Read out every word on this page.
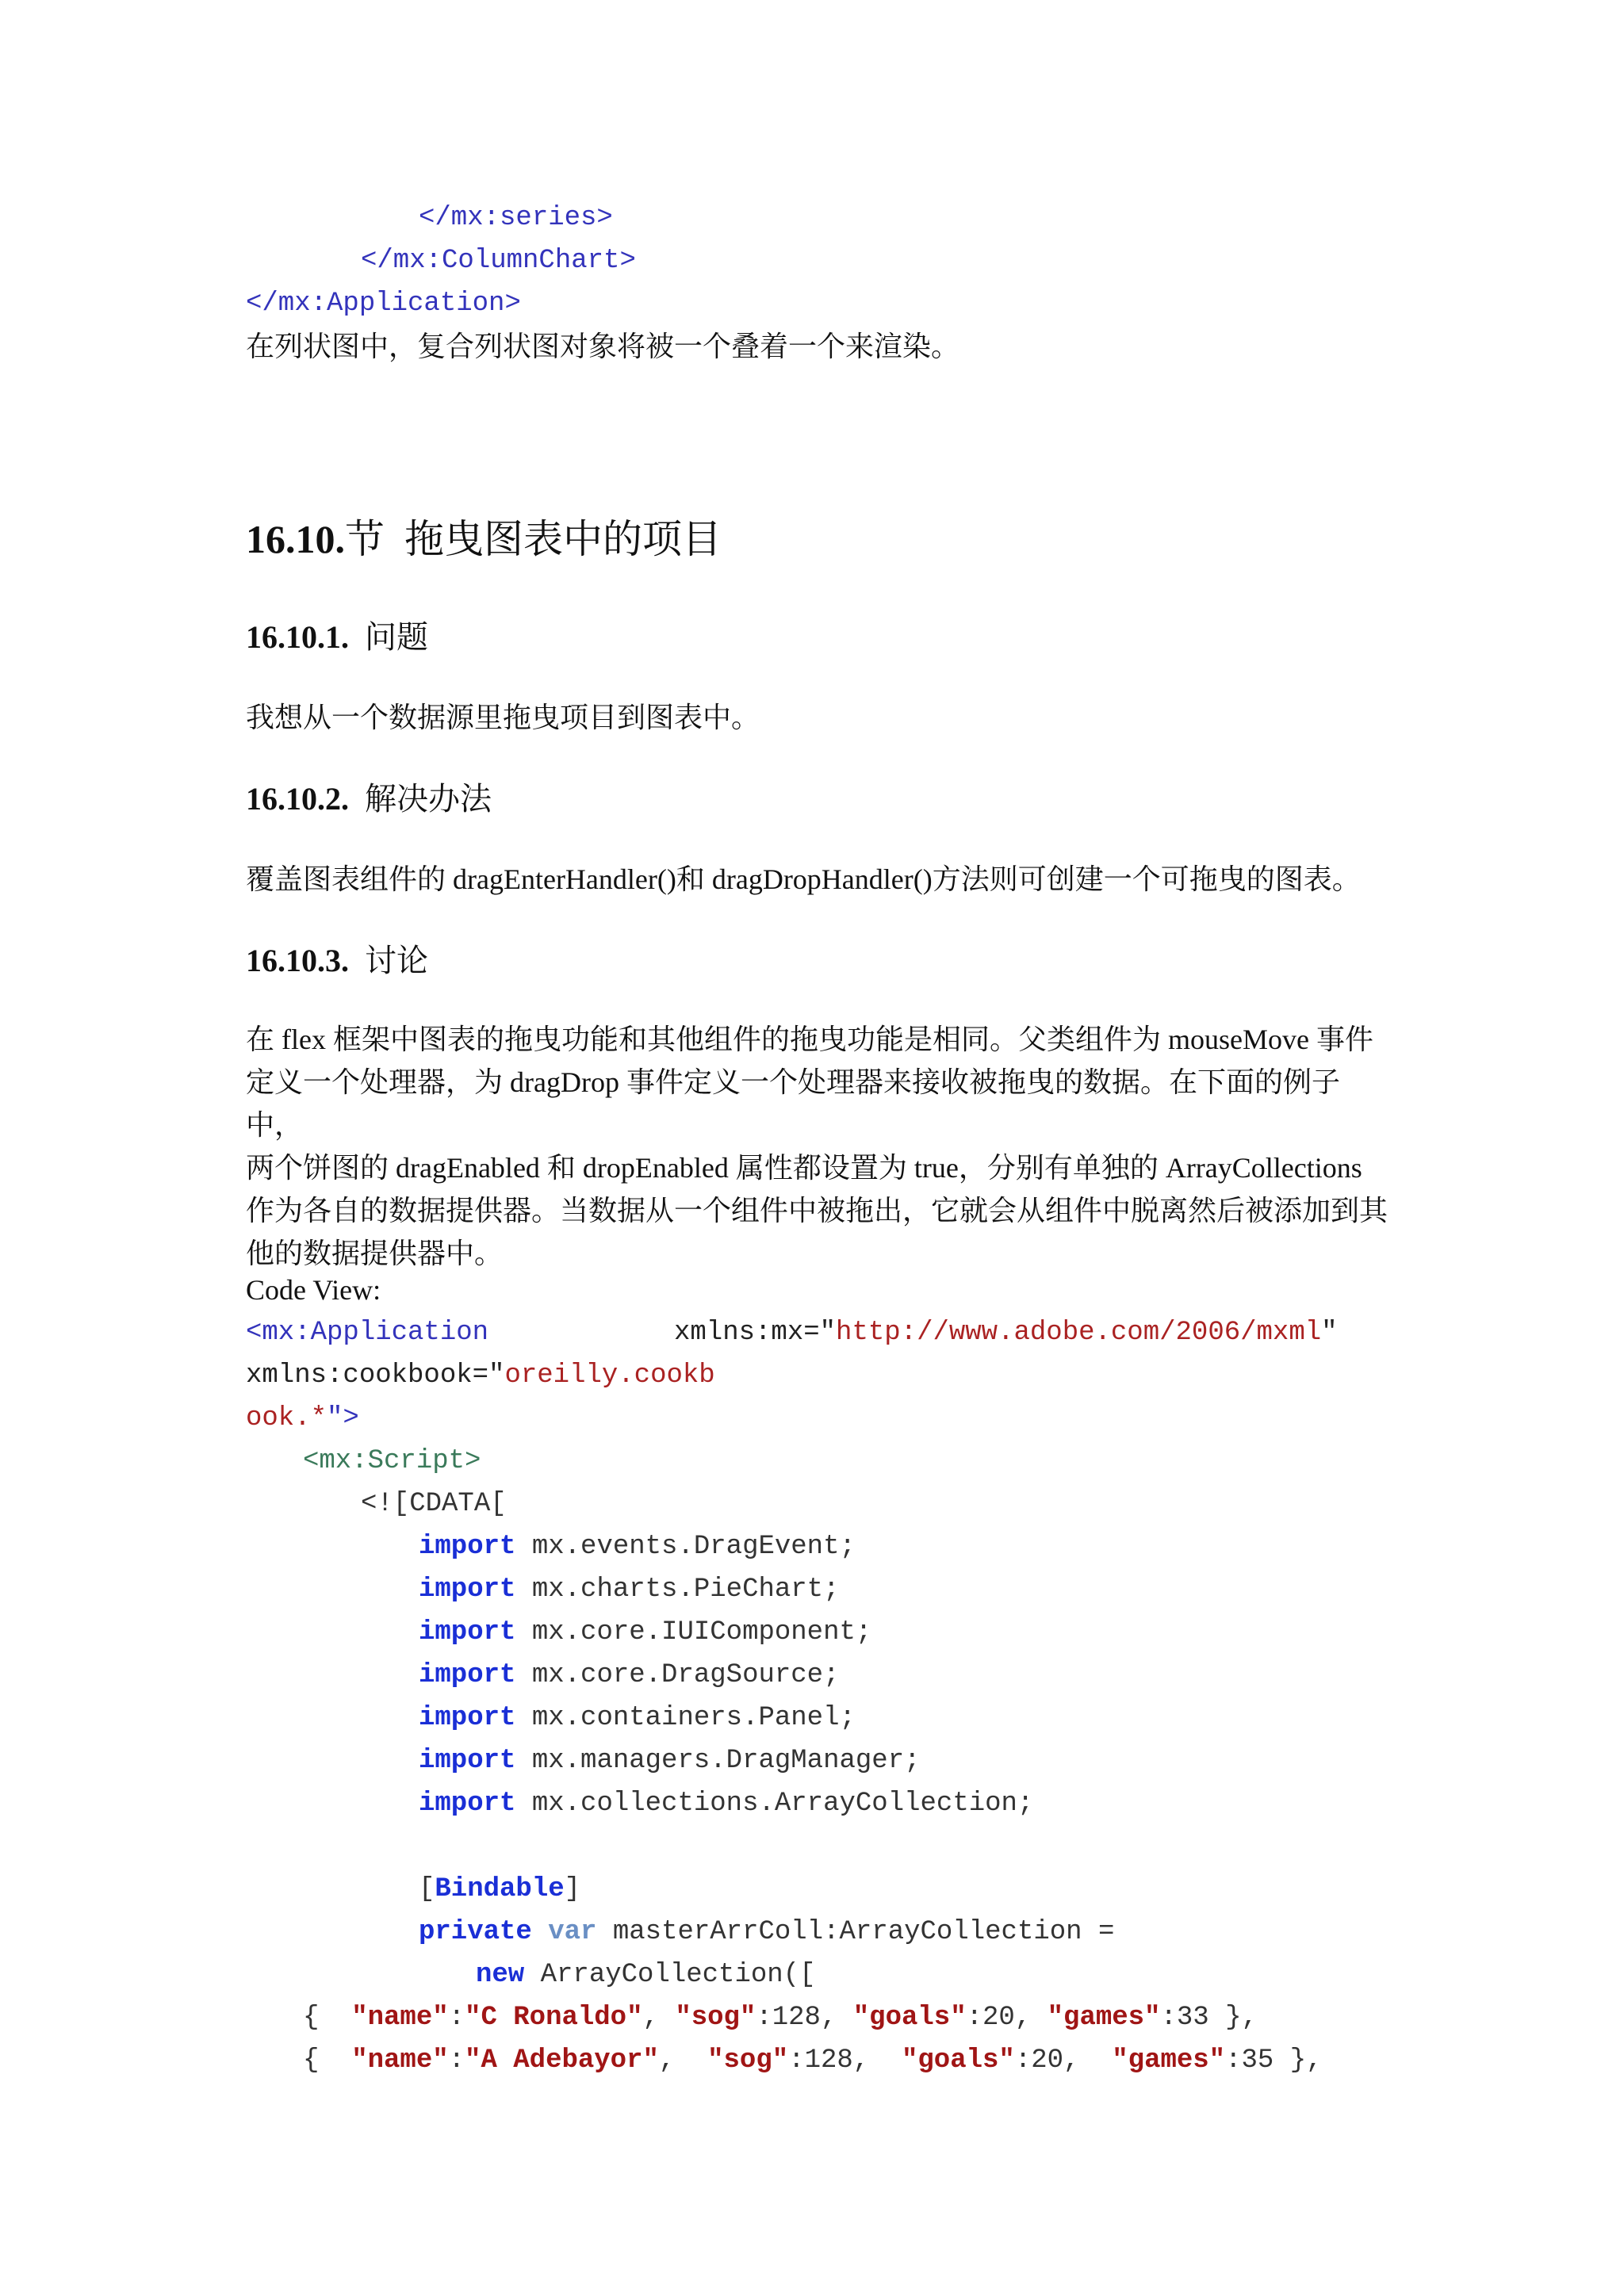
</mx:series>
</mx:ColumnChart>
</mx:Application>
在列状图中，复合列状图对象将被一个叠着一个来渲染。
16.10.节 拖曳图表中的项目
16.10.1. 问题
我想从一个数据源里拖曳项目到图表中。
16.10.2. 解决办法
覆盖图表组件的 dragEnterHandler()和 dragDropHandler()方法则可创建一个可拖曳的图表。
16.10.3. 讨论
在 flex 框架中图表的拖曳功能和其他组件的拖曳功能是相同。父类组件为 mouseMove 事件
定义一个处理器，为 dragDrop 事件定义一个处理器来接收被拖曳的数据。在下面的例子中，
两个饼图的 dragEnabled 和 dropEnabled 属性都设置为 true，分别有单独的 ArrayCollections
作为各自的数据提供器。当数据从一个组件中被拖出，它就会从组件中脱离然后被添加到其
他的数据提供器中。
Code View:
<mx:Application	xmlns:mx="http://www.adobe.com/2006/mxml"
xmlns:cookbook="oreilly.cookb
ook.*">
<mx:Script>
<![CDATA[
import mx.events.DragEvent;
import mx.charts.PieChart;
import mx.core.IUIComponent;
import mx.core.DragSource;
import mx.containers.Panel;
import mx.managers.DragManager;
import mx.collections.ArrayCollection;
[Bindable]
private var masterArrColl:ArrayCollection =
new ArrayCollection([
{  "name":"C Ronaldo", "sog":128, "goals":20, "games":33 },
{  "name":"A Adebayor",  "sog":128,  "goals":20,  "games":35 },
